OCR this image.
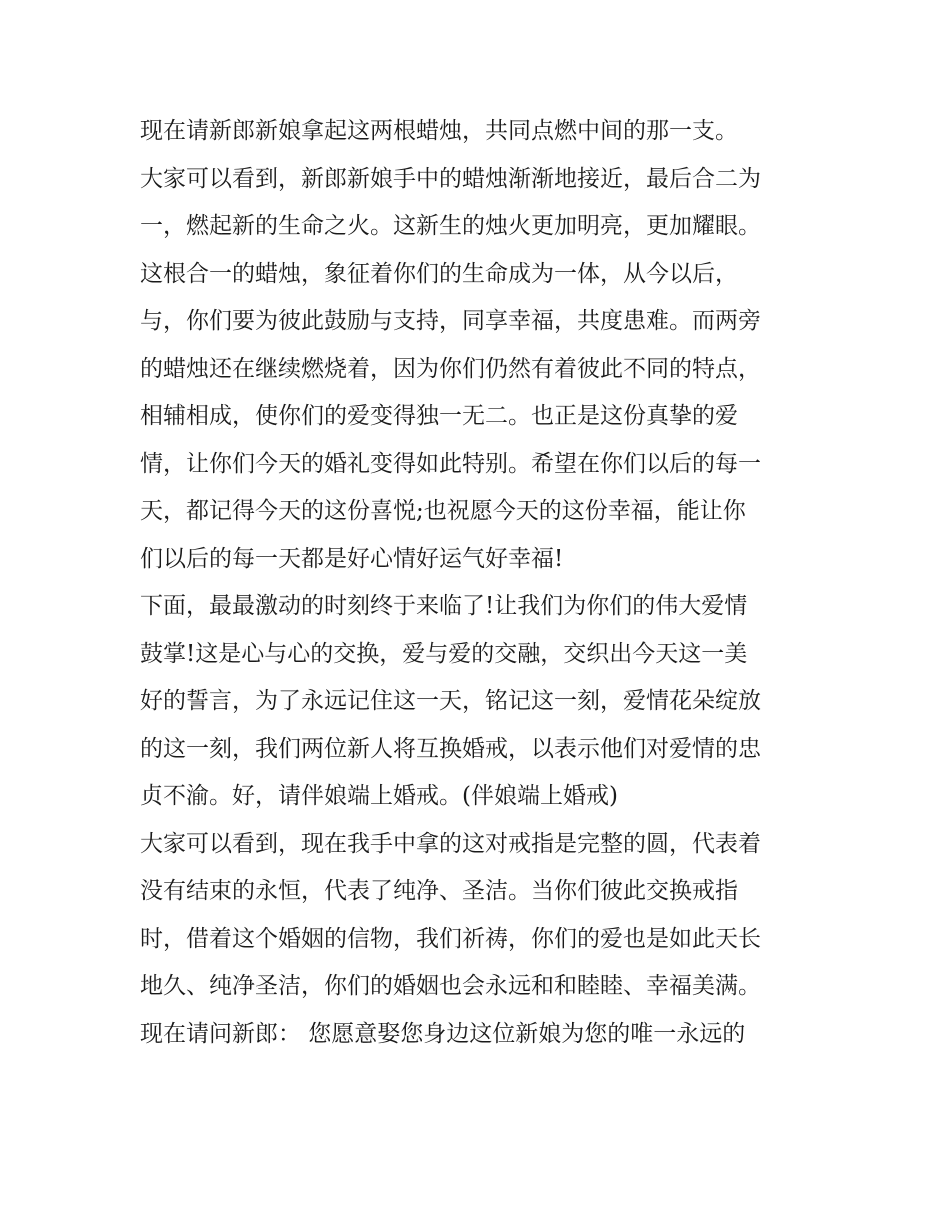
现在请新郎新娘拿起这两根蜡烛，共同点燃中间的那一支。
大家可以看到，新郎新娘手中的蜡烛渐渐地接近，最后合二为
一，燃起新的生命之火。这新生的烛火更加明亮，更加耀眼。
这根合一的蜡烛，象征着你们的生命成为一体，从今以后，
与，你们要为彼此鼓励与支持，同享幸福，共度患难。而两旁
的蜡烛还在继续燃烧着，因为你们仍然有着彼此不同的特点，
相辅相成，使你们的爱变得独一无二。也正是这份真挚的爱
情，让你们今天的婚礼变得如此特别。希望在你们以后的每一
天，都记得今天的这份喜悦;也祝愿今天的这份幸福，能让你
们以后的每一天都是好心情好运气好幸福!
下面，最最激动的时刻终于来临了!让我们为你们的伟大爱情
鼓掌!这是心与心的交换，爱与爱的交融，交织出今天这一美
好的誓言，为了永远记住这一天，铭记这一刻，爱情花朵绽放
的这一刻，我们两位新人将互换婚戒，以表示他们对爱情的忠
贞不渝。好，请伴娘端上婚戒。(伴娘端上婚戒)
大家可以看到，现在我手中拿的这对戒指是完整的圆，代表着
没有结束的永恒，代表了纯净、圣洁。当你们彼此交换戒指
时，借着这个婚姻的信物，我们祈祷，你们的爱也是如此天长
地久、纯净圣洁，你们的婚姻也会永远和和睦睦、幸福美满。
现在请问新郎： 您愿意娶您身边这位新娘为您的唯一永远的
